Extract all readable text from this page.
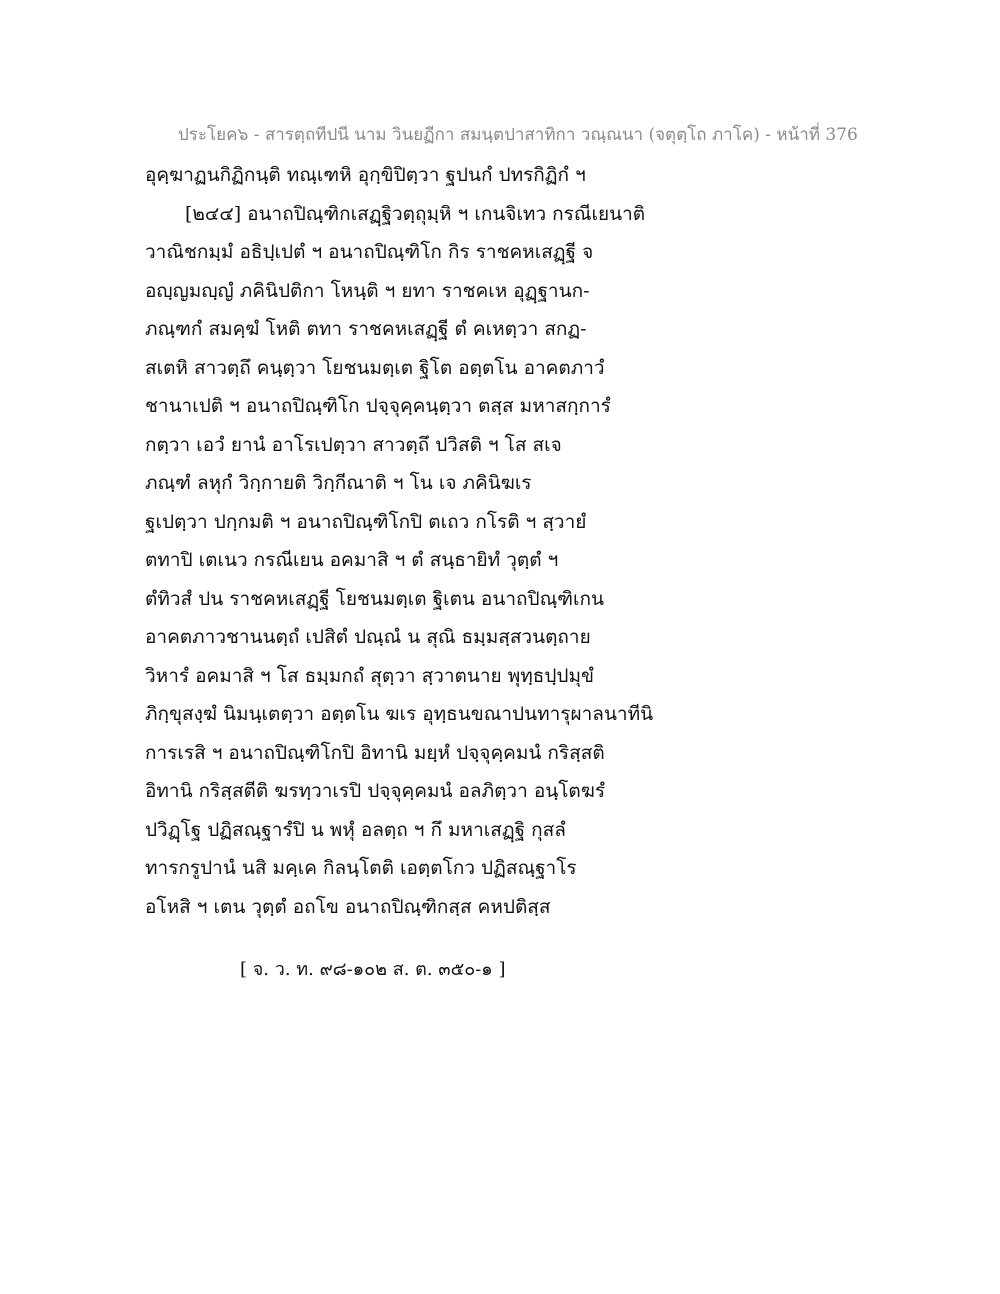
ประโยค๖ - สารตฺถทีปนี นาม วินยฏีกา สมนฺตปาสาทิกา วณฺณนา (จตุตฺโถ ภาโค) - หน้าที่ 376
อุคฺฆาฏนกิฏิกนฺติ ทณฺเฑหิ อุกฺขิปิตฺวา ฐปนกํ ปทรกิฏิกํ ฯ
[๒๔๔] อนาถปิณฺฑิกเสฏฺฐิวตฺถุมฺหิ ฯ เกนจิเทว กรณีเยนาติ
วาณิชกมฺมํ อธิปฺเปตํ ฯ อนาถปิณฺฑิโก กิร ราชคหเสฏฺฐี จ
อญฺญมญฺญํ ภคินิปติกา โหนฺติ ฯ ยทา ราชคเห อุฏฺฐานก-
ภณฺฑกํ สมคฺฆํ โหติ ตทา ราชคหเสฏฺฐี ตํ คเหตฺวา สกฏ-
สเตหิ สาวตฺถึ คนฺตฺวา โยชนมตฺเต ฐิโต อตฺตโน อาคตภาวํ
ชานาเปติ ฯ อนาถปิณฺฑิโก ปจฺจุคฺคนฺตฺวา ตสฺส มหาสกฺการํ
กตฺวา เอวํ ยานํ อาโรเปตฺวา สาวตฺถึ ปวิสติ ฯ โส สเจ
ภณฺฑํ ลหุกํ วิกฺกายติ วิกฺกีณาติ ฯ โน เจ ภคินิฆเร
ฐเปตฺวา ปกฺกมติ ฯ อนาถปิณฺฑิโกปิ ตเถว กโรติ ฯ สฺวายํ
ตทาปิ เตเนว กรณีเยน อคมาสิ ฯ ตํ สนฺธายิทํ วุตฺตํ ฯ
ตํทิวสํ ปน ราชคหเสฏฺฐี โยชนมตฺเต ฐิเตน อนาถปิณฺฑิเกน
อาคตภาวชานนตฺถํ เปสิตํ ปณฺณํ น สุณิ ธมฺมสฺสวนตฺถาย
วิหารํ อคมาสิ ฯ โส ธมฺมกถํ สุตฺวา สฺวาตนาย พุทฺธปฺปมุขํ
ภิกฺขุสงฺฆํ นิมนฺเตตฺวา อตฺตโน ฆเร อุทฺธนขณาปนทารุผาลนาทีนิ
การเรสิ ฯ อนาถปิณฺฑิโกปิ อิทานิ มยฺหํ ปจฺจุคฺคมนํ กริสฺสติ
อิทานิ กริสฺสตีติ ฆรทฺวาเรปิ ปจฺจุคฺคมนํ อลภิตฺวา อนฺโตฆรํ
ปวิฏฺโฐ ปฏิสณฺฐารํปิ น พหุํ อลตฺถ ฯ กึ มหาเสฏฺฐิ กุสลํ
ทารกรูปานํ นสิ มคฺเค กิลนฺโตติ เอตฺตโกว ปฏิสณฺฐาโร
อโหสิ ฯ เตน วุตฺตํ อถโข อนาถปิณฺฑิกสฺส คหปติสฺส
[ จ. ว. ท. ๙๘-๑๐๒ ส. ต. ๓๕๐-๑ ]
